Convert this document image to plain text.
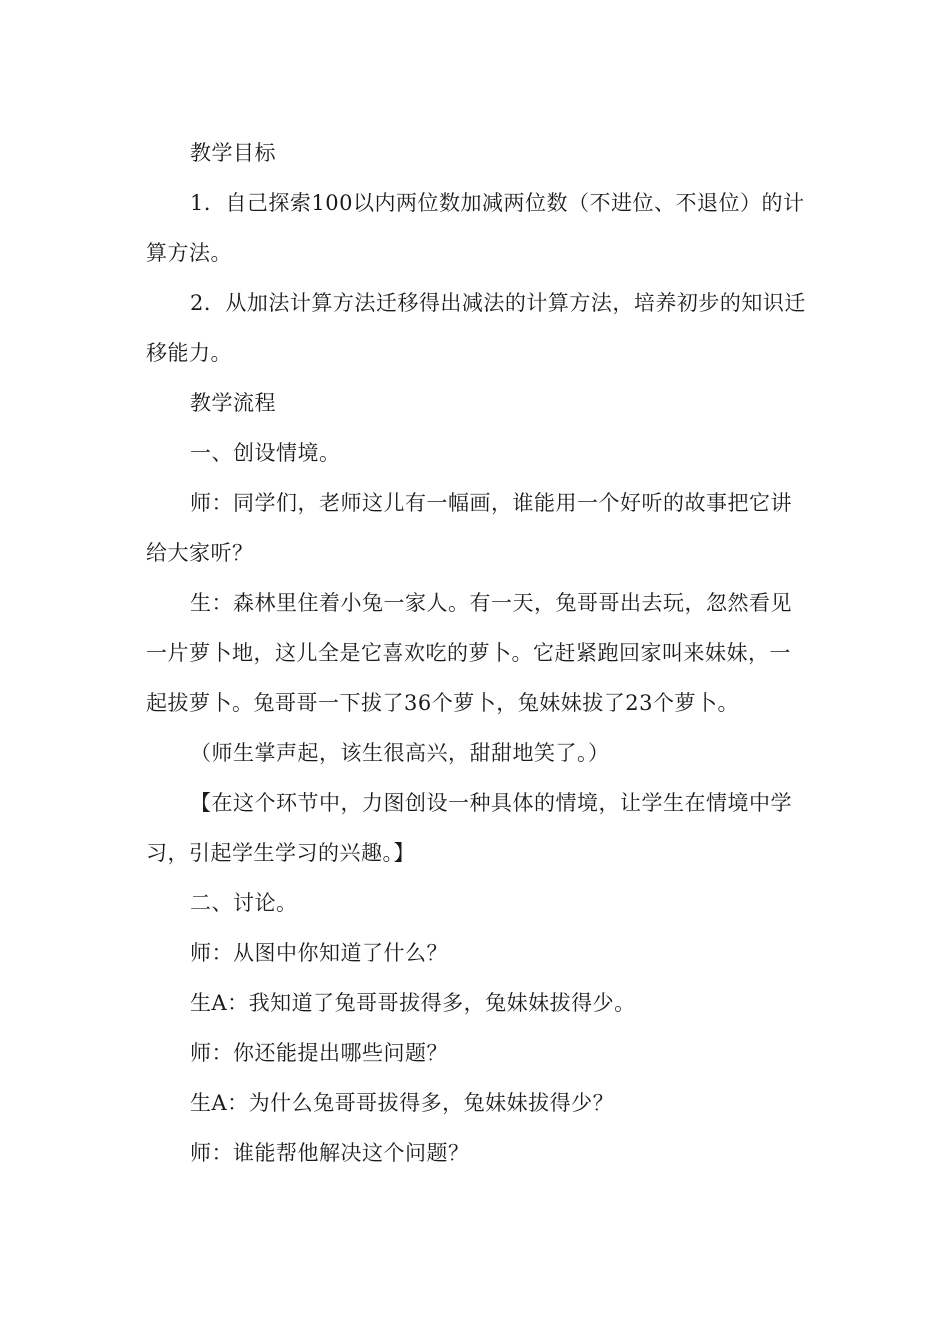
教学目标

1．自己探索100以内两位数加减两位数（不进位、不退位）的计算方法。

2．从加法计算方法迁移得出减法的计算方法，培养初步的知识迁移能力。

教学流程

一、创设情境。

师：同学们，老师这儿有一幅画，谁能用一个好听的故事把它讲给大家听？

生：森林里住着小兔一家人。有一天，兔哥哥出去玩，忽然看见一片萝卜地，这儿全是它喜欢吃的萝卜。它赶紧跑回家叫来妹妹，一起拔萝卜。兔哥哥一下拔了36个萝卜，兔妹妹拔了23个萝卜。

（师生掌声起，该生很高兴，甜甜地笑了。）

【在这个环节中，力图创设一种具体的情境，让学生在情境中学习，引起学生学习的兴趣。】

二、讨论。

师：从图中你知道了什么？

生A：我知道了兔哥哥拔得多，兔妹妹拔得少。

师：你还能提出哪些问题？

生A：为什么兔哥哥拔得多，兔妹妹拔得少？

师：谁能帮他解决这个问题？
